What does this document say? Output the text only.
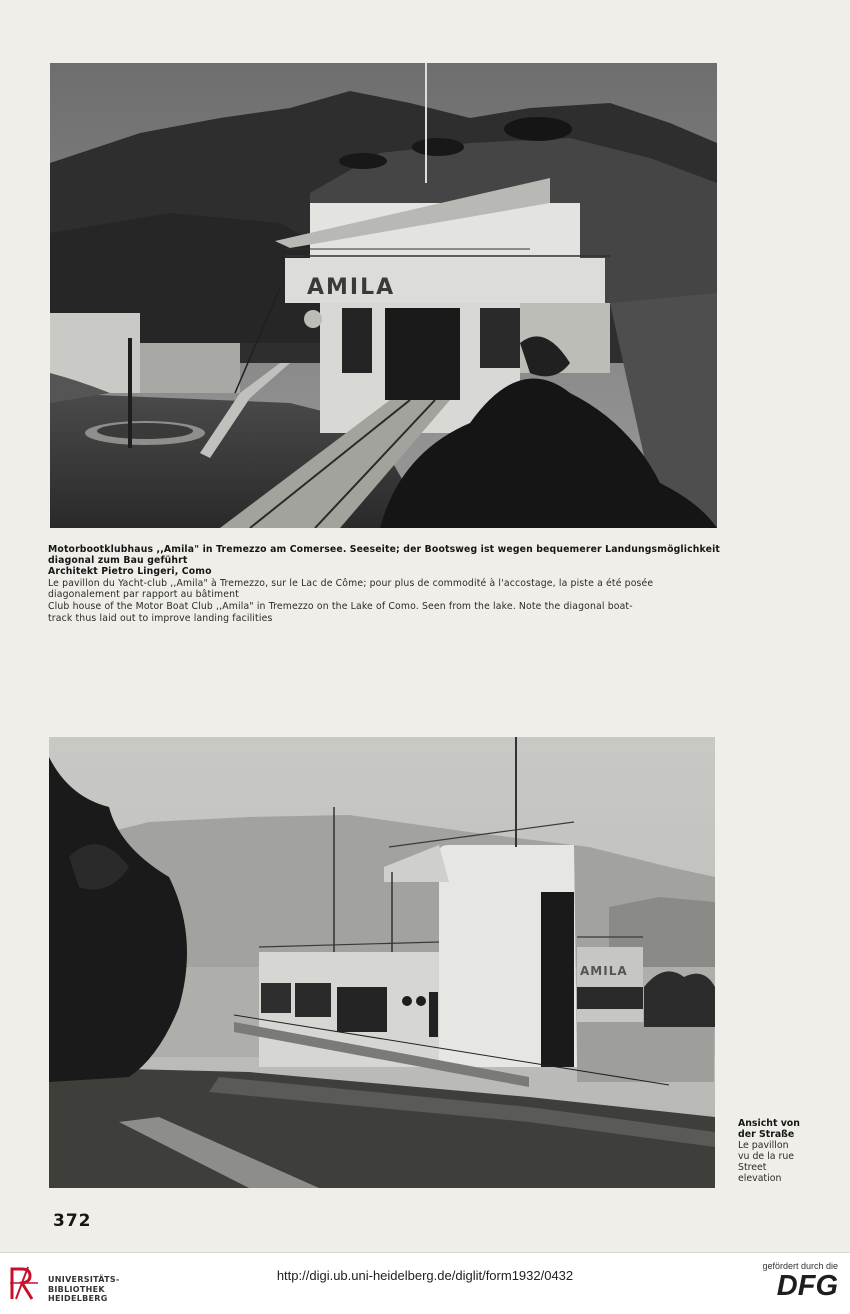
AMILA
Motorbootklubhaus ,,Amila" in Tremezzo am Comersee. Seeseite; der Bootsweg ist wegen bequemerer Landungsmöglichkeit

diagonal zum Bau geführt

Architekt Pietro Lingeri, Como

Le pavillon du Yacht-club ,,Amila" à Tremezzo, sur le Lac de Côme; pour plus de commodité à l'accostage, la piste a été posée

diagonalement par rapport au bâtiment

Club house of the Motor Boat Club ,,Amila" in Tremezzo on the Lake of Como. Seen from the lake. Note the diagonal boat-

track thus laid out to improve landing facilities

AMILA

Ansicht von

der Straße

Le pavillon

vu de la rue

Street

elevation

372
UNIVERSITÄTS-
BIBLIOTHEK
HEIDELBERG
http://digi.ub.uni-heidelberg.de/diglit/form1932/0432
gefördert durch die
DFG
